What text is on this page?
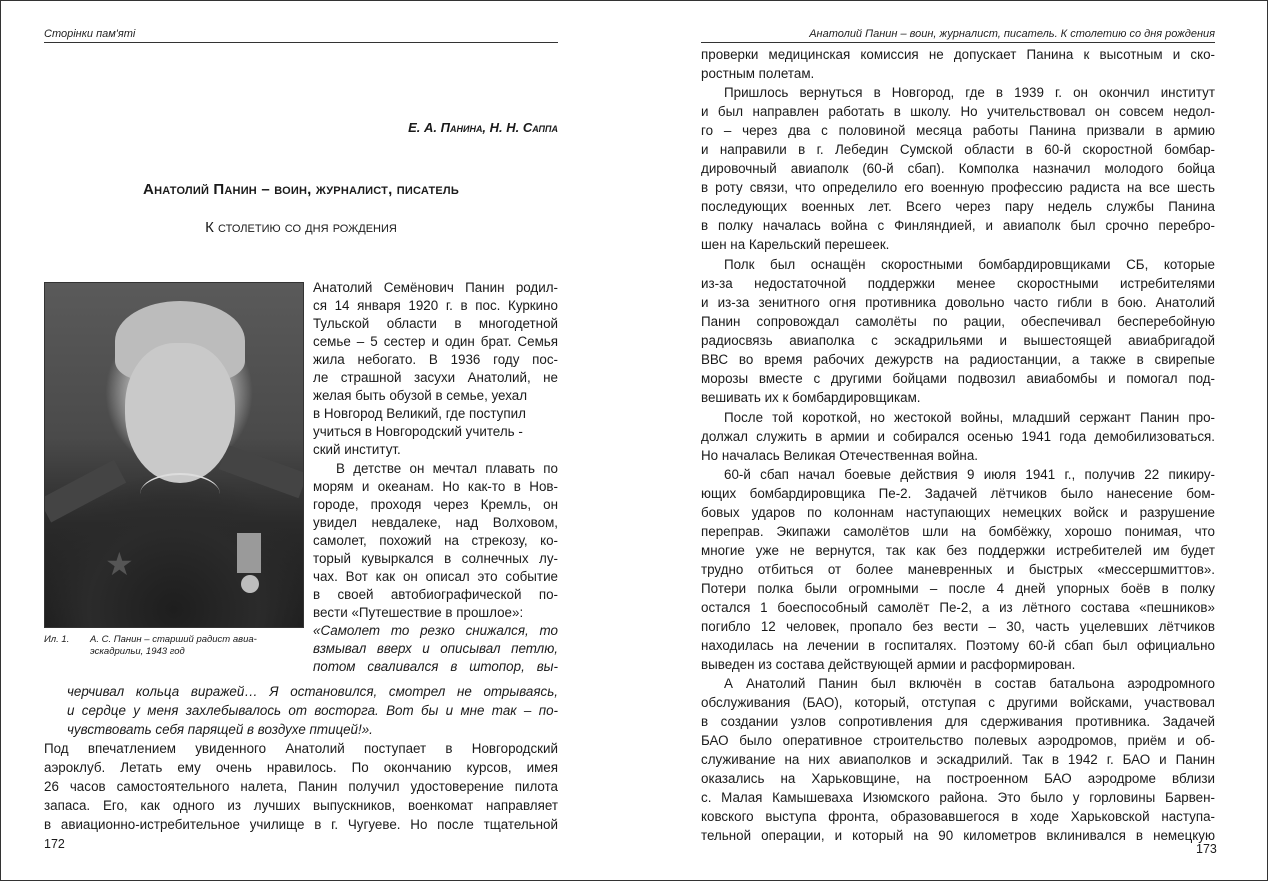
Сторінки пам'яті
Е. А. Панина, Н. Н. Саппа
Анатолий Панин – воин, журналист, писатель
К столетию со дня рождения
★
Ил. 1. А. С. Панин – старший радист авиа-
эскадрильи, 1943 год
Анатолий Семёнович Панин родил-
ся 14 января 1920 г. в пос. Куркино
Тульской области в многодетной
семье – 5 сестер и один брат. Семья
жила небогато. В 1936 году пос-
ле страшной засухи Анатолий, не
желая быть обузой в семье, уехал
в Новгород Великий, где поступил
учиться в Новгородский учитель -
ский институт.
В детстве он мечтал плавать по
морям и океанам. Но как-то в Нов-
городе, проходя через Кремль, он
увидел невдалеке, над Волховом,
самолет, похожий на стрекозу, ко-
торый кувыркался в солнечных лу-
чах. Вот как он описал это событие
в своей автобиографической по-
вести «Путешествие в прошлое»:
«Самолет то резко снижался, то
взмывал вверх и описывал петлю,
потом сваливался в штопор, вы-
черчивал кольца виражей… Я остановился, смотрел не отрываясь,
и сердце у меня захлебывалось от восторга. Вот бы и мне так – по-
чувствовать себя парящей в воздухе птицей!».
Под впечатлением увиденного Анатолий поступает в Новгородский
аэроклуб. Летать ему очень нравилось. По окончанию курсов, имея
26 часов самостоятельного налета, Панин получил удостоверение пилота
запаса. Его, как одного из лучших выпускников, военкомат направляет
в авиационно-истребительное училище в г. Чугуеве. Но после тщательной
172
Анатолий Панин – воин, журналист, писатель. К столетию со дня рождения
проверки медицинская комиссия не допускает Панина к высотным и ско-
ростным полетам.
Пришлось вернуться в Новгород, где в 1939 г. он окончил институт
и был направлен работать в школу. Но учительствовал он совсем недол-
го – через два с половиной месяца работы Панина призвали в армию
и направили в г. Лебедин Сумской области в 60-й скоростной бомбар-
дировочный авиаполк (60-й сбап). Комполка назначил молодого бойца
в роту связи, что определило его военную профессию радиста на все шесть
последующих военных лет. Всего через пару недель службы Панина
в полку началась война с Финляндией, и авиаполк был срочно перебро-
шен на Карельский перешеек.
Полк был оснащён скоростными бомбардировщиками СБ, которые
из-за недостаточной поддержки менее скоростными истребителями
и из-за зенитного огня противника довольно часто гибли в бою. Анатолий
Панин сопровождал самолёты по рации, обеспечивал бесперебойную
радиосвязь авиаполка с эскадрильями и вышестоящей авиабригадой
ВВС во время рабочих дежурств на радиостанции, а также в свирепые
морозы вместе с другими бойцами подвозил авиабомбы и помогал под-
вешивать их к бомбардировщикам.
После той короткой, но жестокой войны, младший сержант Панин про-
должал служить в армии и собирался осенью 1941 года демобилизоваться.
Но началась Великая Отечественная война.
60-й сбап начал боевые действия 9 июля 1941 г., получив 22 пикиру-
ющих бомбардировщика Пе-2. Задачей лётчиков было нанесение бом-
бовых ударов по колоннам наступающих немецких войск и разрушение
переправ. Экипажи самолётов шли на бомбёжку, хорошо понимая, что
многие уже не вернутся, так как без поддержки истребителей им будет
трудно отбиться от более маневренных и быстрых «мессершмиттов».
Потери полка были огромными – после 4 дней упорных боёв в полку
остался 1 боеспособный самолёт Пе-2, а из лётного состава «пешников»
погибло 12 человек, пропало без вести – 30, часть уцелевших лётчиков
находилась на лечении в госпиталях. Поэтому 60-й сбап был официально
выведен из состава действующей армии и расформирован.
А Анатолий Панин был включён в состав батальона аэродромного
обслуживания (БАО), который, отступая с другими войсками, участвовал
в создании узлов сопротивления для сдерживания противника. Задачей
БАО было оперативное строительство полевых аэродромов, приём и об-
служивание на них авиаполков и эскадрилий. Так в 1942 г. БАО и Панин
оказались на Харьковщине, на построенном БАО аэродроме вблизи
с. Малая Камышеваха Изюмского района. Это было у горловины Барвен-
ковского выступа фронта, образовавшегося в ходе Харьковской наступа-
тельной операции, и который на 90 километров вклинивался в немецкую
173
